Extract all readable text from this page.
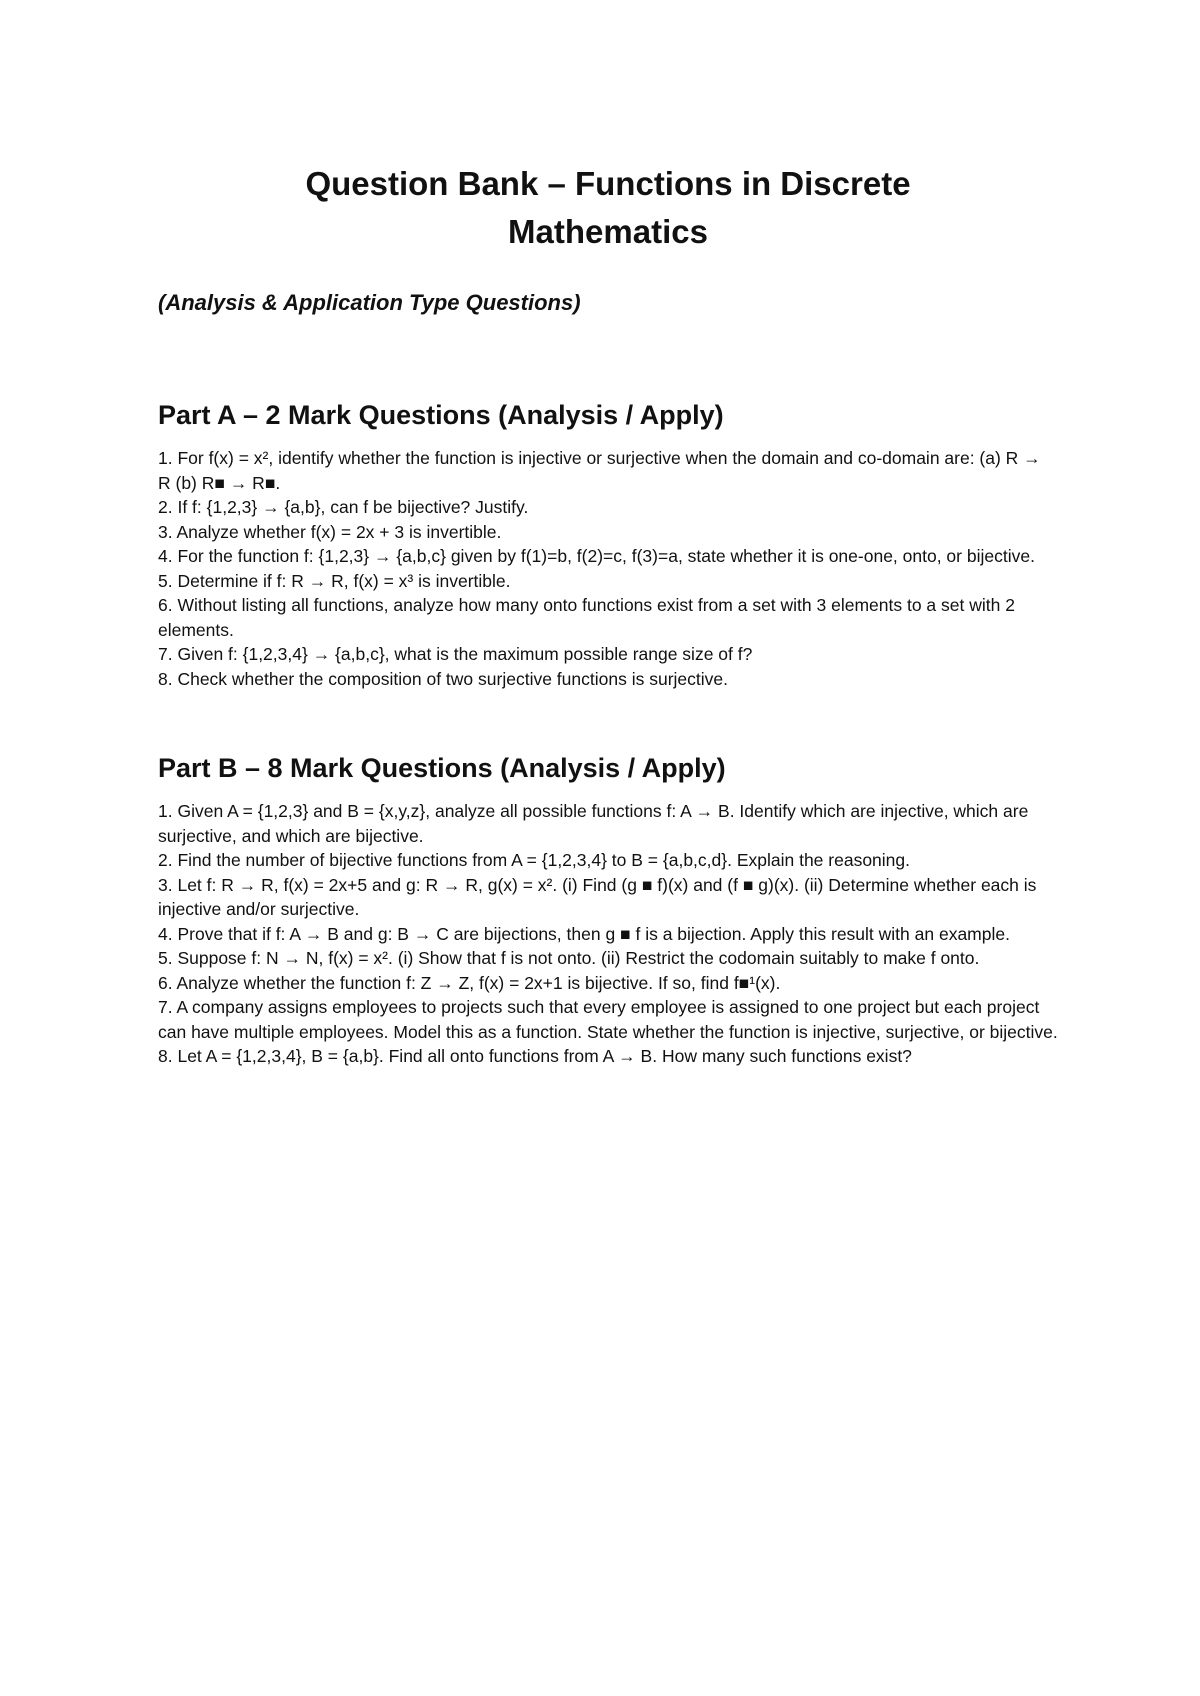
Question Bank – Functions in Discrete
Mathematics
(Analysis & Application Type Questions)
Part A – 2 Mark Questions (Analysis / Apply)
1. For f(x) = x², identify whether the function is injective or surjective when the domain and co-domain are: (a) R → R (b) R■ → R■.
2. If f: {1,2,3} → {a,b}, can f be bijective? Justify.
3. Analyze whether f(x) = 2x + 3 is invertible.
4. For the function f: {1,2,3} → {a,b,c} given by f(1)=b, f(2)=c, f(3)=a, state whether it is one-one, onto, or bijective.
5. Determine if f: R → R, f(x) = x³ is invertible.
6. Without listing all functions, analyze how many onto functions exist from a set with 3 elements to a set with 2 elements.
7. Given f: {1,2,3,4} → {a,b,c}, what is the maximum possible range size of f?
8. Check whether the composition of two surjective functions is surjective.
Part B – 8 Mark Questions (Analysis / Apply)
1. Given A = {1,2,3} and B = {x,y,z}, analyze all possible functions f: A → B. Identify which are injective, which are surjective, and which are bijective.
2. Find the number of bijective functions from A = {1,2,3,4} to B = {a,b,c,d}. Explain the reasoning.
3. Let f: R → R, f(x) = 2x+5 and g: R → R, g(x) = x². (i) Find (g ■ f)(x) and (f ■ g)(x). (ii) Determine whether each is injective and/or surjective.
4. Prove that if f: A → B and g: B → C are bijections, then g ■ f is a bijection. Apply this result with an example.
5. Suppose f: N → N, f(x) = x². (i) Show that f is not onto. (ii) Restrict the codomain suitably to make f onto.
6. Analyze whether the function f: Z → Z, f(x) = 2x+1 is bijective. If so, find f■¹(x).
7. A company assigns employees to projects such that every employee is assigned to one project but each project can have multiple employees. Model this as a function. State whether the function is injective, surjective, or bijective.
8. Let A = {1,2,3,4}, B = {a,b}. Find all onto functions from A → B. How many such functions exist?
